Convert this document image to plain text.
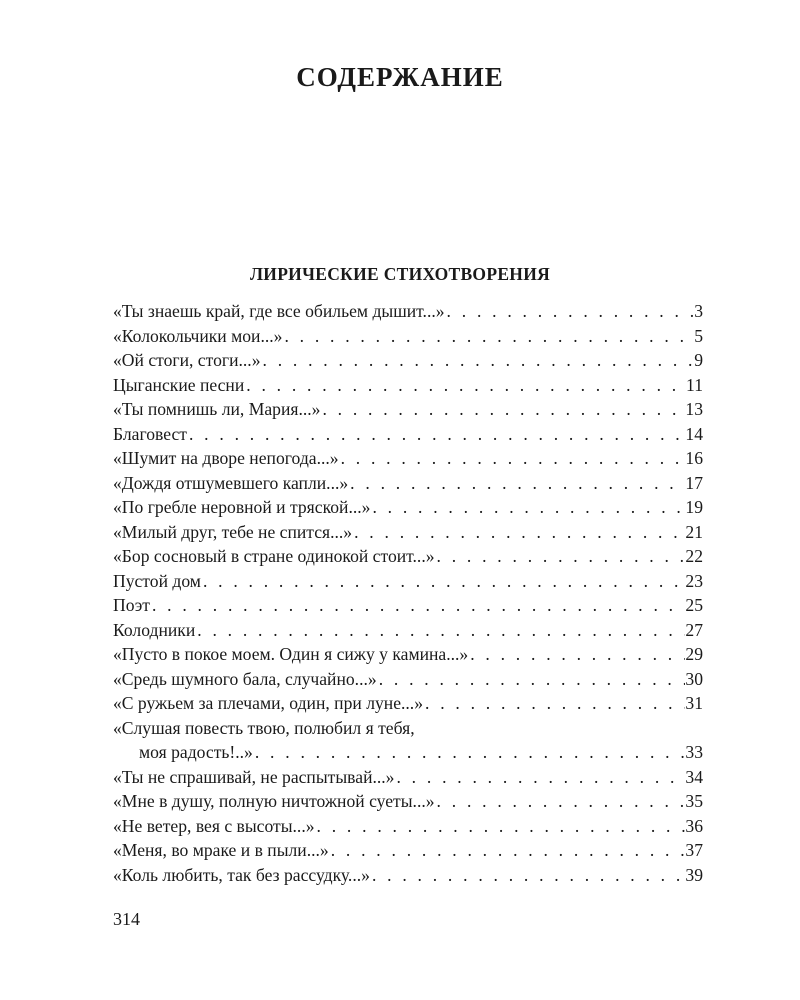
СОДЕРЖАНИЕ
ЛИРИЧЕСКИЕ СТИХОТВОРЕНИЯ
«Ты знаешь край, где все обильем дышит...» . . .	3
«Колокольчики мои...» . . .	5
«Ой стоги, стоги...» . . .	9
Цыганские песни . . .	11
«Ты помнишь ли, Мария...» . . .	13
Благовест . . .	14
«Шумит на дворе непогода...» . . .	16
«Дождя отшумевшего капли...» . . .	17
«По гребле неровной и тряской...» . . .	19
«Милый друг, тебе не спится...» . . .	21
«Бор сосновый в стране одинокой стоит...» . . .	22
Пустой дом . . .	23
Поэт . . .	25
Колодники . . .	27
«Пусто в покое моем. Один я сижу у камина...» . . .	29
«Средь шумного бала, случайно...» . . .	30
«С ружьем за плечами, один, при луне...» . . .	31
«Слушая повесть твою, полюбил я тебя,
моя радость!..» . . .	33
«Ты не спрашивай, не распытывай...» . . .	34
«Мне в душу, полную ничтожной суеты...» . . .	35
«Не ветер, вея с высоты...» . . .	36
«Меня, во мраке и в пыли...» . . .	37
«Коль любить, так без рассудку...» . . .	39
314
